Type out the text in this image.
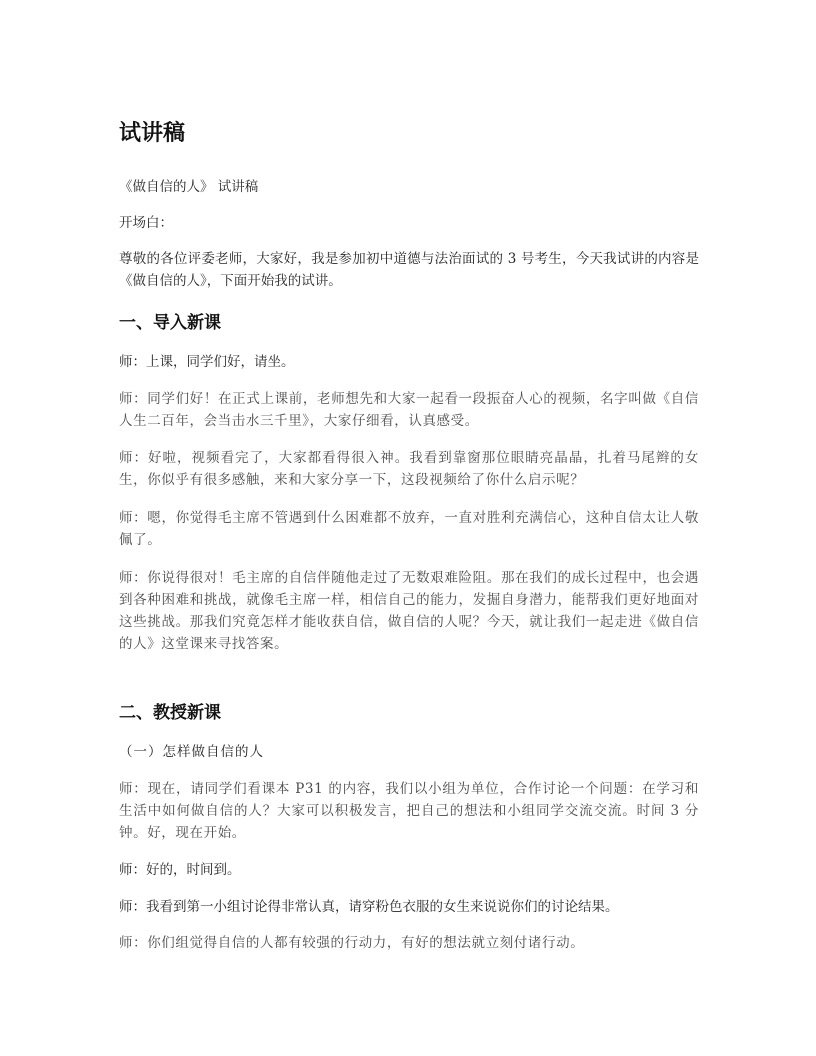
试讲稿

《做自信的人》 试讲稿

开场白：

尊敬的各位评委老师，大家好，我是参加初中道德与法治面试的 3 号考生，今天我试讲的内容是《做自信的人》，下面开始我的试讲。

一、导入新课

师：上课，同学们好，请坐。

师：同学们好！在正式上课前，老师想先和大家一起看一段振奋人心的视频，名字叫做《自信人生二百年，会当击水三千里》，大家仔细看，认真感受。

师：好啦，视频看完了，大家都看得很入神。我看到靠窗那位眼睛亮晶晶，扎着马尾辫的女生，你似乎有很多感触，来和大家分享一下，这段视频给了你什么启示呢？

师：嗯，你觉得毛主席不管遇到什么困难都不放弃，一直对胜利充满信心，这种自信太让人敬佩了。

师：你说得很对！毛主席的自信伴随他走过了无数艰难险阻。那在我们的成长过程中，也会遇到各种困难和挑战，就像毛主席一样，相信自己的能力，发掘自身潜力，能帮我们更好地面对这些挑战。那我们究竟怎样才能收获自信，做自信的人呢？今天，就让我们一起走进《做自信的人》这堂课来寻找答案。

二、教授新课

（一）怎样做自信的人

师：现在，请同学们看课本 P31 的内容，我们以小组为单位，合作讨论一个问题：在学习和生活中如何做自信的人？大家可以积极发言，把自己的想法和小组同学交流交流。时间 3 分钟。好，现在开始。

师：好的，时间到。

师：我看到第一小组讨论得非常认真，请穿粉色衣服的女生来说说你们的讨论结果。

师：你们组觉得自信的人都有较强的行动力，有好的想法就立刻付诸行动。
